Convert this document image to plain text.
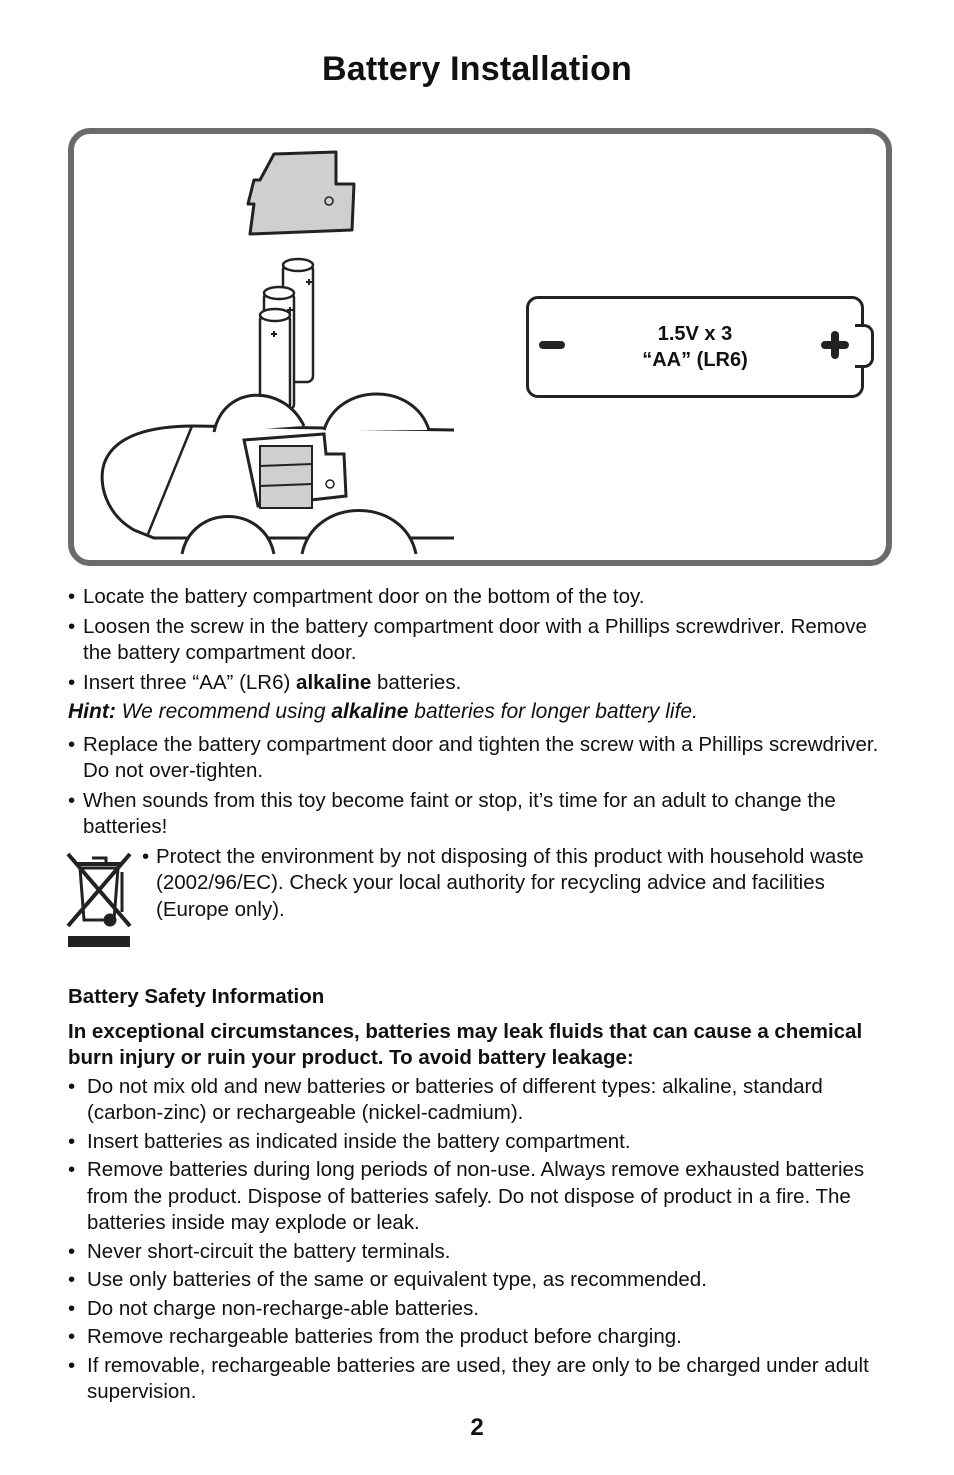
Battery Installation
1.5V x 3
“AA” (LR6)
• Locate the battery compartment door on the bottom of the toy.
• Loosen the screw in the battery compartment door with a Phillips screwdriver. Remove the battery compartment door.
• Insert three “AA” (LR6) alkaline batteries.
Hint: We recommend using alkaline batteries for longer battery life.
• Replace the battery compartment door and tighten the screw with a Phillips screwdriver. Do not over-tighten.
• When sounds from this toy become faint or stop, it’s time for an adult to change the batteries!
• Protect the environment by not disposing of this product with household waste (2002/96/EC). Check your local authority for recycling advice and facilities (Europe only).
Battery Safety Information
In exceptional circumstances, batteries may leak fluids that can cause a chemical burn injury or ruin your product. To avoid battery leakage:
• Do not mix old and new batteries or batteries of different types: alkaline, standard (carbon-zinc) or rechargeable (nickel-cadmium).
• Insert batteries as indicated inside the battery compartment.
• Remove batteries during long periods of non-use. Always remove exhausted batteries from the product. Dispose of batteries safely. Do not dispose of product in a fire. The batteries inside may explode or leak.
• Never short-circuit the battery terminals.
• Use only batteries of the same or equivalent type, as recommended.
• Do not charge non-recharge-able batteries.
• Remove rechargeable batteries from the product before charging.
• If removable, rechargeable batteries are used, they are only to be charged under adult supervision.
2
